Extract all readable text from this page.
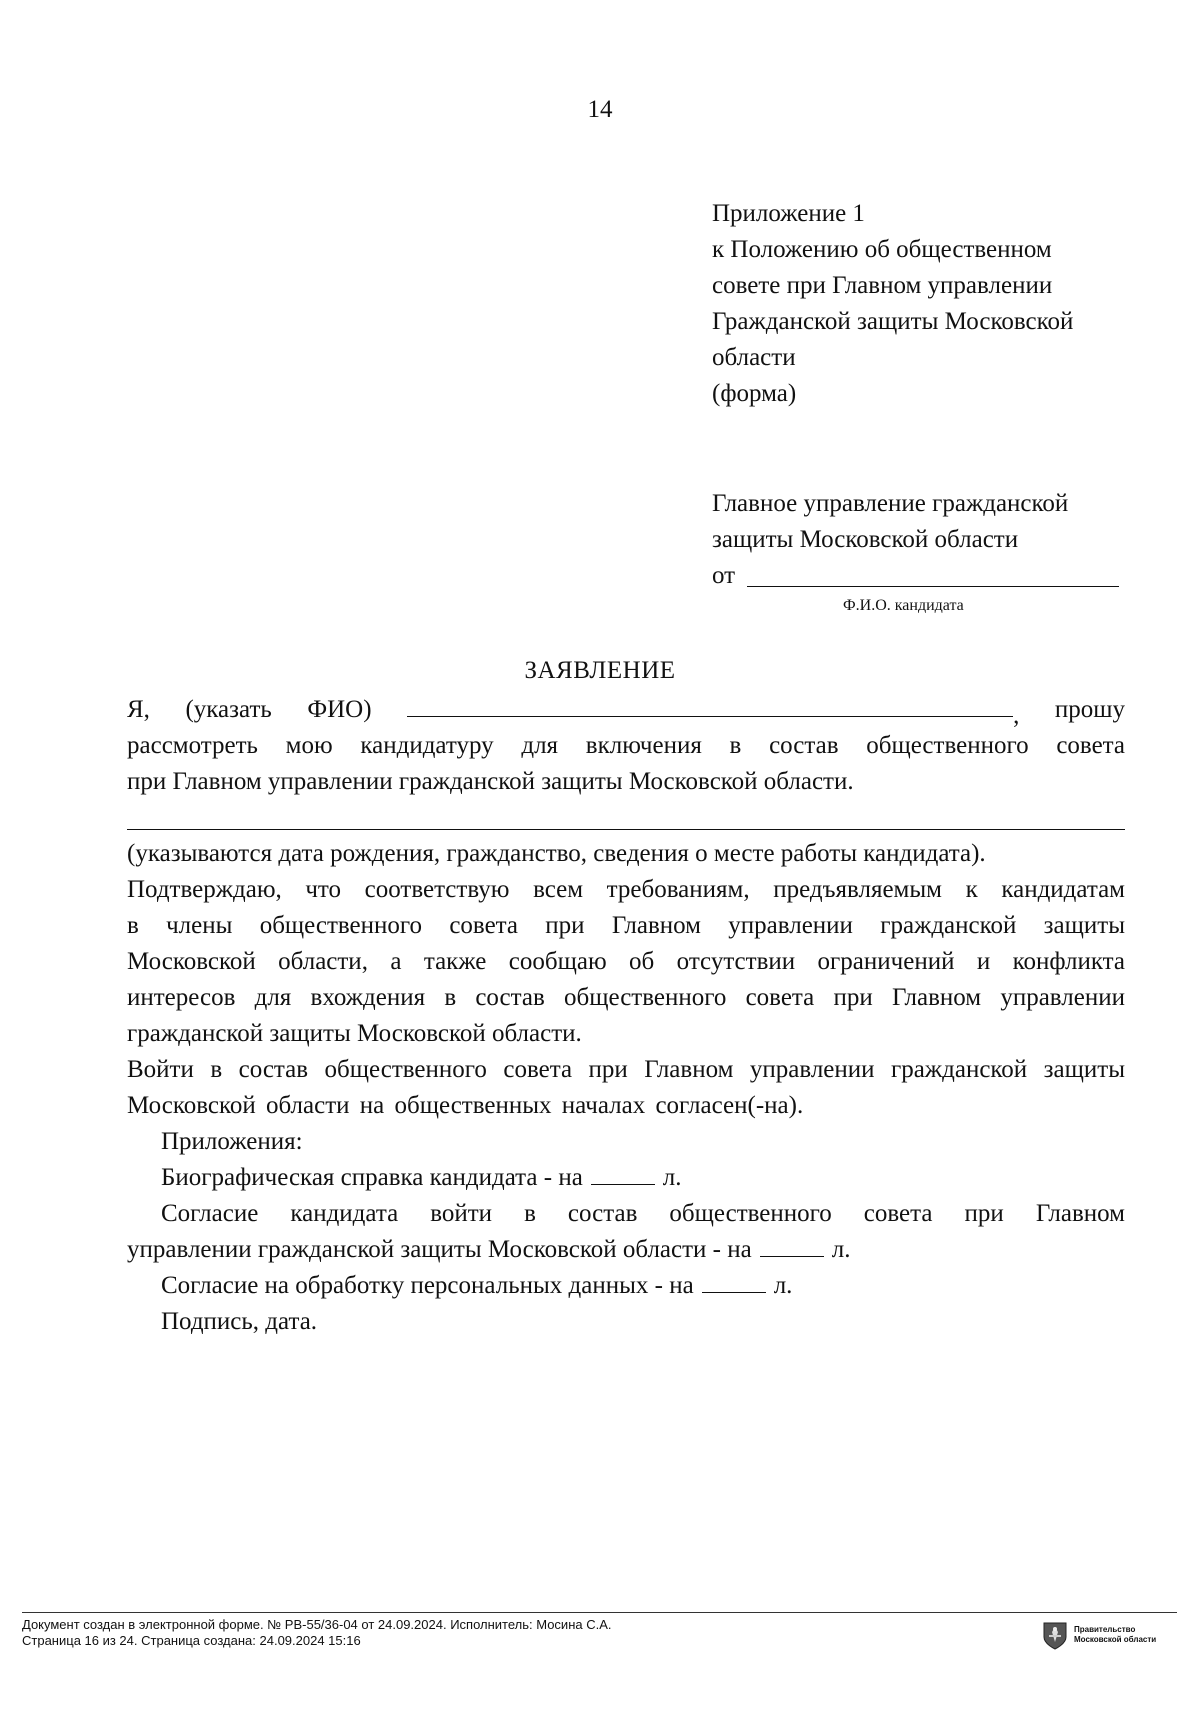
14
Приложение 1
к Положению об общественном
совете при Главном управлении
Гражданской защиты Московской
области
(форма)
Главное управление гражданской
защиты Московской области
от
Ф.И.О. кандидата
ЗАЯВЛЕНИЕ
Я, (указать ФИО)	, прошу
рассмотреть мою кандидатуру для включения в состав общественного совета
при Главном управлении гражданской защиты Московской области.
(указываются дата рождения, гражданство, сведения о месте работы кандидата).
Подтверждаю, что соответствую всем требованиям, предъявляемым к кандидатам
в члены общественного совета при Главном управлении гражданской защиты
Московской области, а также сообщаю об отсутствии ограничений и конфликта
интересов для вхождения в состав общественного совета при Главном управлении
гражданской защиты Московской области.
Войти в состав общественного совета при Главном управлении гражданской защиты
Московской области на общественных началах согласен(-на).
Приложения:
Биографическая справка кандидата - на	л.
Согласие кандидата войти в состав общественного совета при Главном
управлении гражданской защиты Московской области - на	л.
Согласие на обработку персональных данных - на	л.
Подпись, дата.
Документ создан в электронной форме. № РВ-55/36-04 от 24.09.2024. Исполнитель: Мосина С.А.
Страница 16 из 24. Страница создана: 24.09.2024 15:16
Правительство
Московской области
